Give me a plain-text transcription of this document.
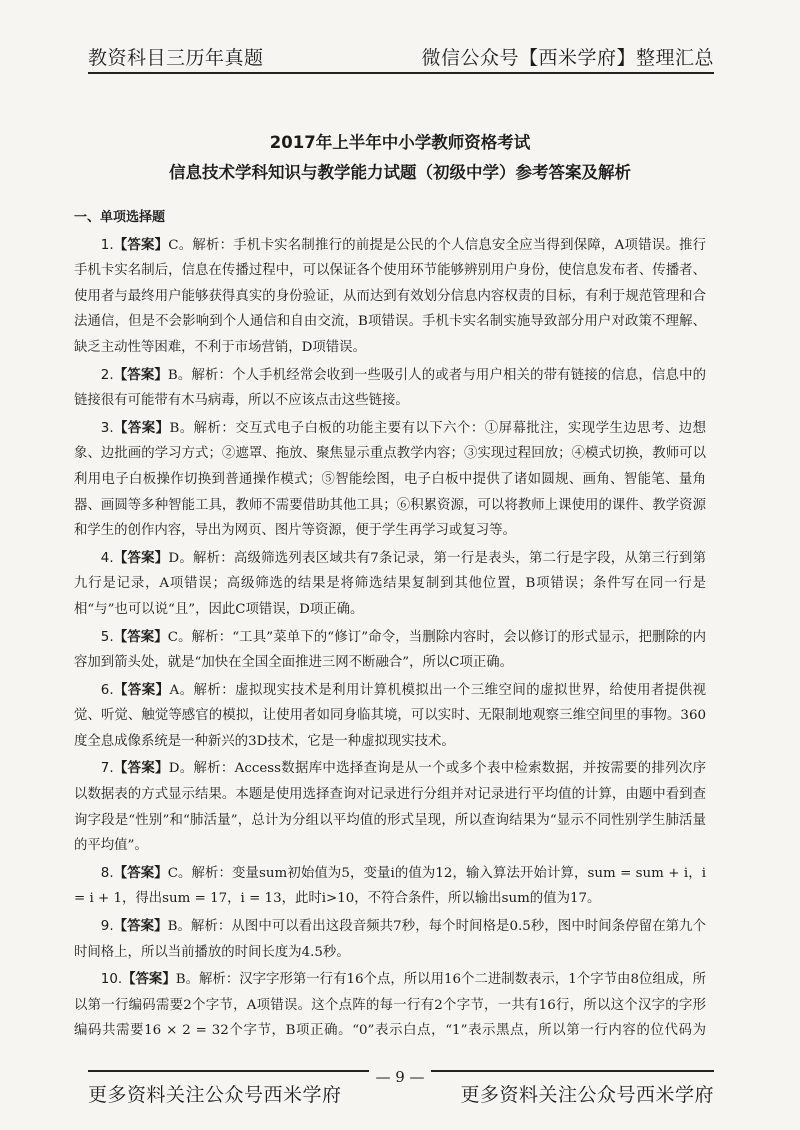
教资科目三历年真题	微信公众号【西米学府】整理汇总
2017年上半年中小学教师资格考试
信息技术学科知识与教学能力试题（初级中学）参考答案及解析
一、单项选择题

1.【答案】C。解析：手机卡实名制推行的前提是公民的个人信息安全应当得到保障，A项错误。推行手机卡实名制后，信息在传播过程中，可以保证各个使用环节能够辨别用户身份，使信息发布者、传播者、使用者与最终用户能够获得真实的身份验证，从而达到有效划分信息内容权责的目标，有利于规范管理和合法通信，但是不会影响到个人通信和自由交流，B项错误。手机卡实名制实施导致部分用户对政策不理解、缺乏主动性等困难，不利于市场营销，D项错误。

2.【答案】B。解析：个人手机经常会收到一些吸引人的或者与用户相关的带有链接的信息，信息中的链接很有可能带有木马病毒，所以不应该点击这些链接。

3.【答案】B。解析：交互式电子白板的功能主要有以下六个：①屏幕批注，实现学生边思考、边想象、边批画的学习方式；②遮罩、拖放、聚焦显示重点教学内容；③实现过程回放；④模式切换，教师可以利用电子白板操作切换到普通操作模式；⑤智能绘图，电子白板中提供了诸如圆规、画角、智能笔、量角器、画圆等多种智能工具，教师不需要借助其他工具；⑥积累资源，可以将教师上课使用的课件、教学资源和学生的创作内容，导出为网页、图片等资源，便于学生再学习或复习等。

4.【答案】D。解析：高级筛选列表区域共有7条记录，第一行是表头，第二行是字段，从第三行到第九行是记录，A项错误；高级筛选的结果是将筛选结果复制到其他位置，B项错误；条件写在同一行是相“与”也可以说“且”，因此C项错误，D项正确。

5.【答案】C。解析：“工具”菜单下的“修订”命令，当删除内容时，会以修订的形式显示，把删除的内容加到箭头处，就是“加快在全国全面推进三网不断融合”，所以C项正确。

6.【答案】A。解析：虚拟现实技术是利用计算机模拟出一个三维空间的虚拟世界，给使用者提供视觉、听觉、触觉等感官的模拟，让使用者如同身临其境，可以实时、无限制地观察三维空间里的事物。360度全息成像系统是一种新兴的3D技术，它是一种虚拟现实技术。

7.【答案】D。解析：Access数据库中选择查询是从一个或多个表中检索数据，并按需要的排列次序以数据表的方式显示结果。本题是使用选择查询对记录进行分组并对记录进行平均值的计算，由题中看到查询字段是“性别”和“肺活量”，总计为分组以平均值的形式呈现，所以查询结果为“显示不同性别学生肺活量的平均值”。

8.【答案】C。解析：变量sum初始值为5，变量i的值为12，输入算法开始计算，sum = sum + i，i = i + 1，得出sum = 17，i = 13，此时i>10，不符合条件，所以输出sum的值为17。

9.【答案】B。解析：从图中可以看出这段音频共7秒，每个时间格是0.5秒，图中时间条停留在第九个时间格上，所以当前播放的时间长度为4.5秒。

10.【答案】B。解析：汉字字形第一行有16个点，所以用16个二进制数表示，1个字节由8位组成，所以第一行编码需要2个字节，A项错误。这个点阵的每一行有2个字节，一共有16行，所以这个汉字的字形编码共需要16 × 2 = 32个字节，B项正确。“0”表示白点，“1”表示黑点，所以第一行内容的位代码为

更多资料关注公众号西米学府	更多资料关注公众号西米学府
— 9 —
